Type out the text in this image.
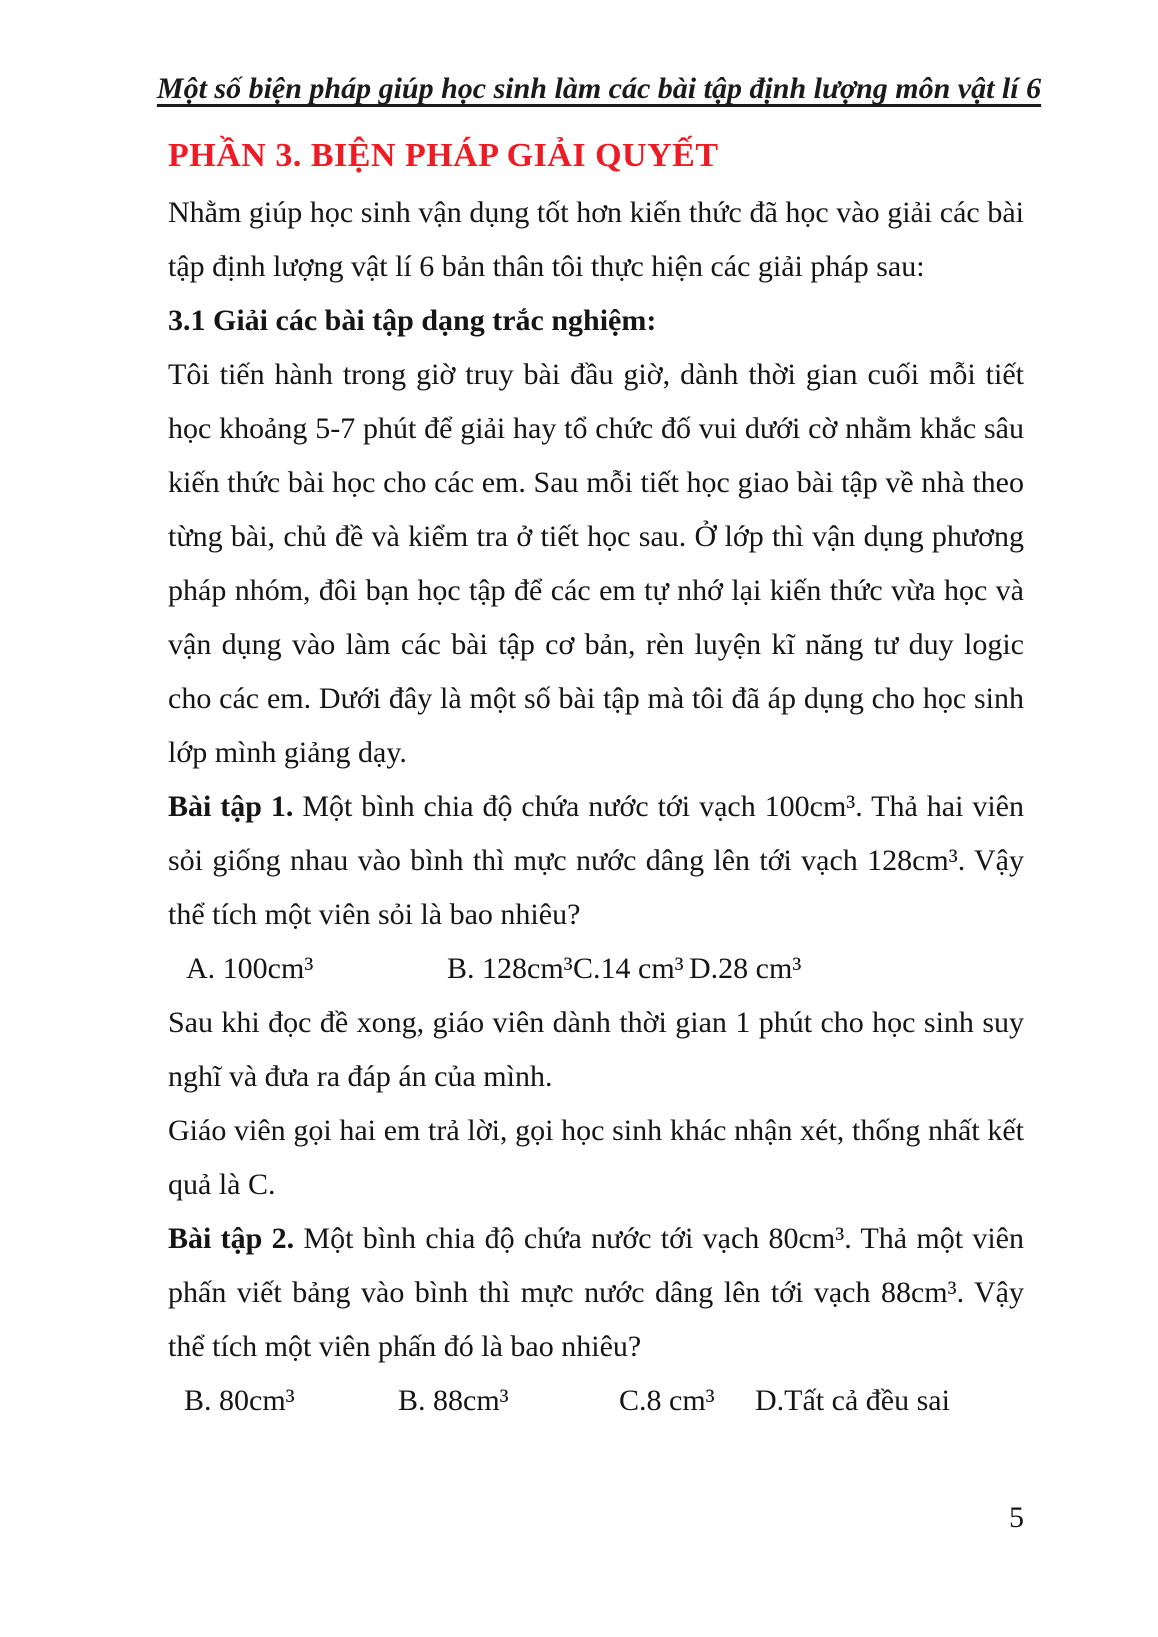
Một số biện pháp giúp học sinh làm các bài tập định lượng môn vật lí 6
PHẦN 3. BIỆN PHÁP GIẢI QUYẾT

Nhằm giúp học sinh vận dụng tốt hơn kiến thức đã học vào giải các bài tập định lượng vật lí 6 bản thân tôi thực hiện các giải pháp sau:

3.1 Giải các bài tập dạng trắc nghiệm:

Tôi tiến hành trong giờ truy bài đầu giờ, dành thời gian cuối mỗi tiết học khoảng 5-7 phút để giải hay tổ chức đố vui dưới cờ nhằm khắc sâu kiến thức bài học cho các em. Sau mỗi tiết học giao bài tập về nhà theo từng bài, chủ đề và kiểm tra ở tiết học sau. Ở lớp thì vận dụng phương pháp nhóm, đôi bạn học tập để các em tự nhớ lại kiến thức vừa học và vận dụng vào làm các bài tập cơ bản, rèn luyện kĩ năng tư duy logic cho các em. Dưới đây là một số bài tập mà tôi đã áp dụng cho học sinh lớp mình giảng dạy.

Bài tập 1. Một bình chia độ chứa nước tới vạch 100cm³. Thả hai viên sỏi giống nhau vào bình thì mực nước dâng lên tới vạch 128cm³. Vậy thể tích một viên sỏi là bao nhiêu?

A. 100cm³	B. 128cm³ C.14 cm³ D.28 cm³

Sau khi đọc đề xong, giáo viên dành thời gian 1 phút cho học sinh suy nghĩ và đưa ra đáp án của mình.

Giáo viên gọi hai em trả lời, gọi học sinh khác nhận xét, thống nhất kết quả là C.

Bài tập 2. Một bình chia độ chứa nước tới vạch 80cm³. Thả một viên phấn viết bảng vào bình thì mực nước dâng lên tới vạch 88cm³. Vậy thể tích một viên phấn đó là bao nhiêu?

B. 80cm³	B. 88cm³	C.8 cm³ D.Tất cả đều sai
5
